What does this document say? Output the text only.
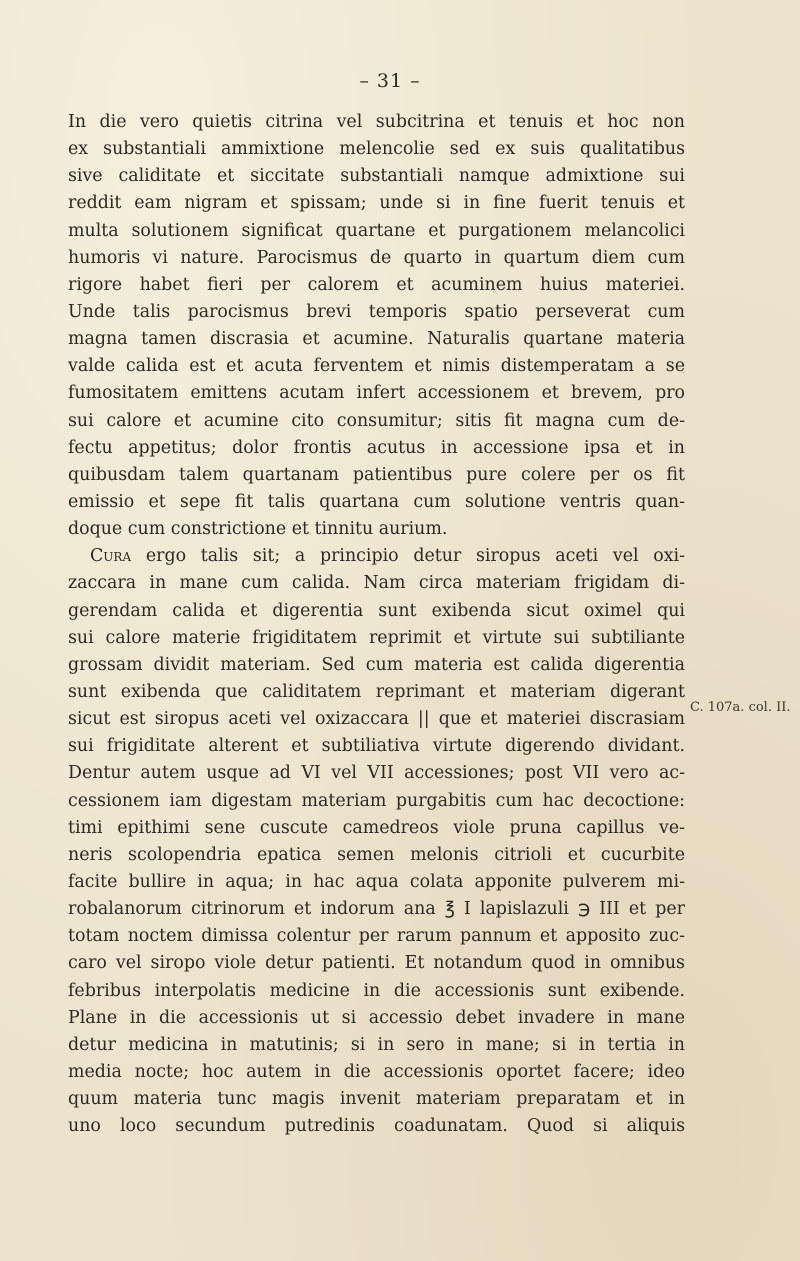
– 31 –
In die vero quietis citrina vel subcitrina et tenuis et hoc non
ex substantiali ammixtione melencolie sed ex suis qualitatibus
sive caliditate et siccitate substantiali namque admixtione sui
reddit eam nigram et spissam; unde si in fine fuerit tenuis et
multa solutionem significat quartane et purgationem melancolici
humoris vi nature. Parocismus de quarto in quartum diem cum
rigore habet fieri per calorem et acuminem huius materiei.
Unde talis parocismus brevi temporis spatio perseverat cum
magna tamen discrasia et acumine. Naturalis quartane materia
valde calida est et acuta ferventem et nimis distemperatam a se
fumositatem emittens acutam infert accessionem et brevem, pro
sui calore et acumine cito consumitur; sitis fit magna cum de-
fectu appetitus; dolor frontis acutus in accessione ipsa et in
quibusdam talem quartanam patientibus pure colere per os fit
emissio et sepe fit talis quartana cum solutione ventris quan-
doque cum constrictione et tinnitu aurium.
Cura ergo talis sit; a principio detur siropus aceti vel oxi-
zaccara in mane cum calida. Nam circa materiam frigidam di-
gerendam calida et digerentia sunt exibenda sicut oximel qui
sui calore materie frigiditatem reprimit et virtute sui subtiliante
grossam dividit materiam. Sed cum materia est calida digerentia
sunt exibenda que caliditatem reprimant et materiam digerant
sicut est siropus aceti vel oxizaccara || que et materiei discrasiam
sui frigiditate alterent et subtiliativa virtute digerendo dividant.
Dentur autem usque ad VI vel VII accessiones; post VII vero ac-
cessionem iam digestam materiam purgabitis cum hac decoctione:
timi epithimi sene cuscute camedreos viole pruna capillus ve-
neris scolopendria epatica semen melonis citrioli et cucurbite
facite bullire in aqua; in hac aqua colata apponite pulverem mi-
robalanorum citrinorum et indorum ana ℥ I lapislazuli ℈ III et per
totam noctem dimissa colentur per rarum pannum et apposito zuc-
caro vel siropo viole detur patienti. Et notandum quod in omnibus
febribus interpolatis medicine in die accessionis sunt exibende.
Plane in die accessionis ut si accessio debet invadere in mane
detur medicina in matutinis; si in sero in mane; si in tertia in
media nocte; hoc autem in die accessionis oportet facere; ideo
quum materia tunc magis invenit materiam preparatam et in
uno loco secundum putredinis coadunatam. Quod si aliquis
C. 107a. col. II.
